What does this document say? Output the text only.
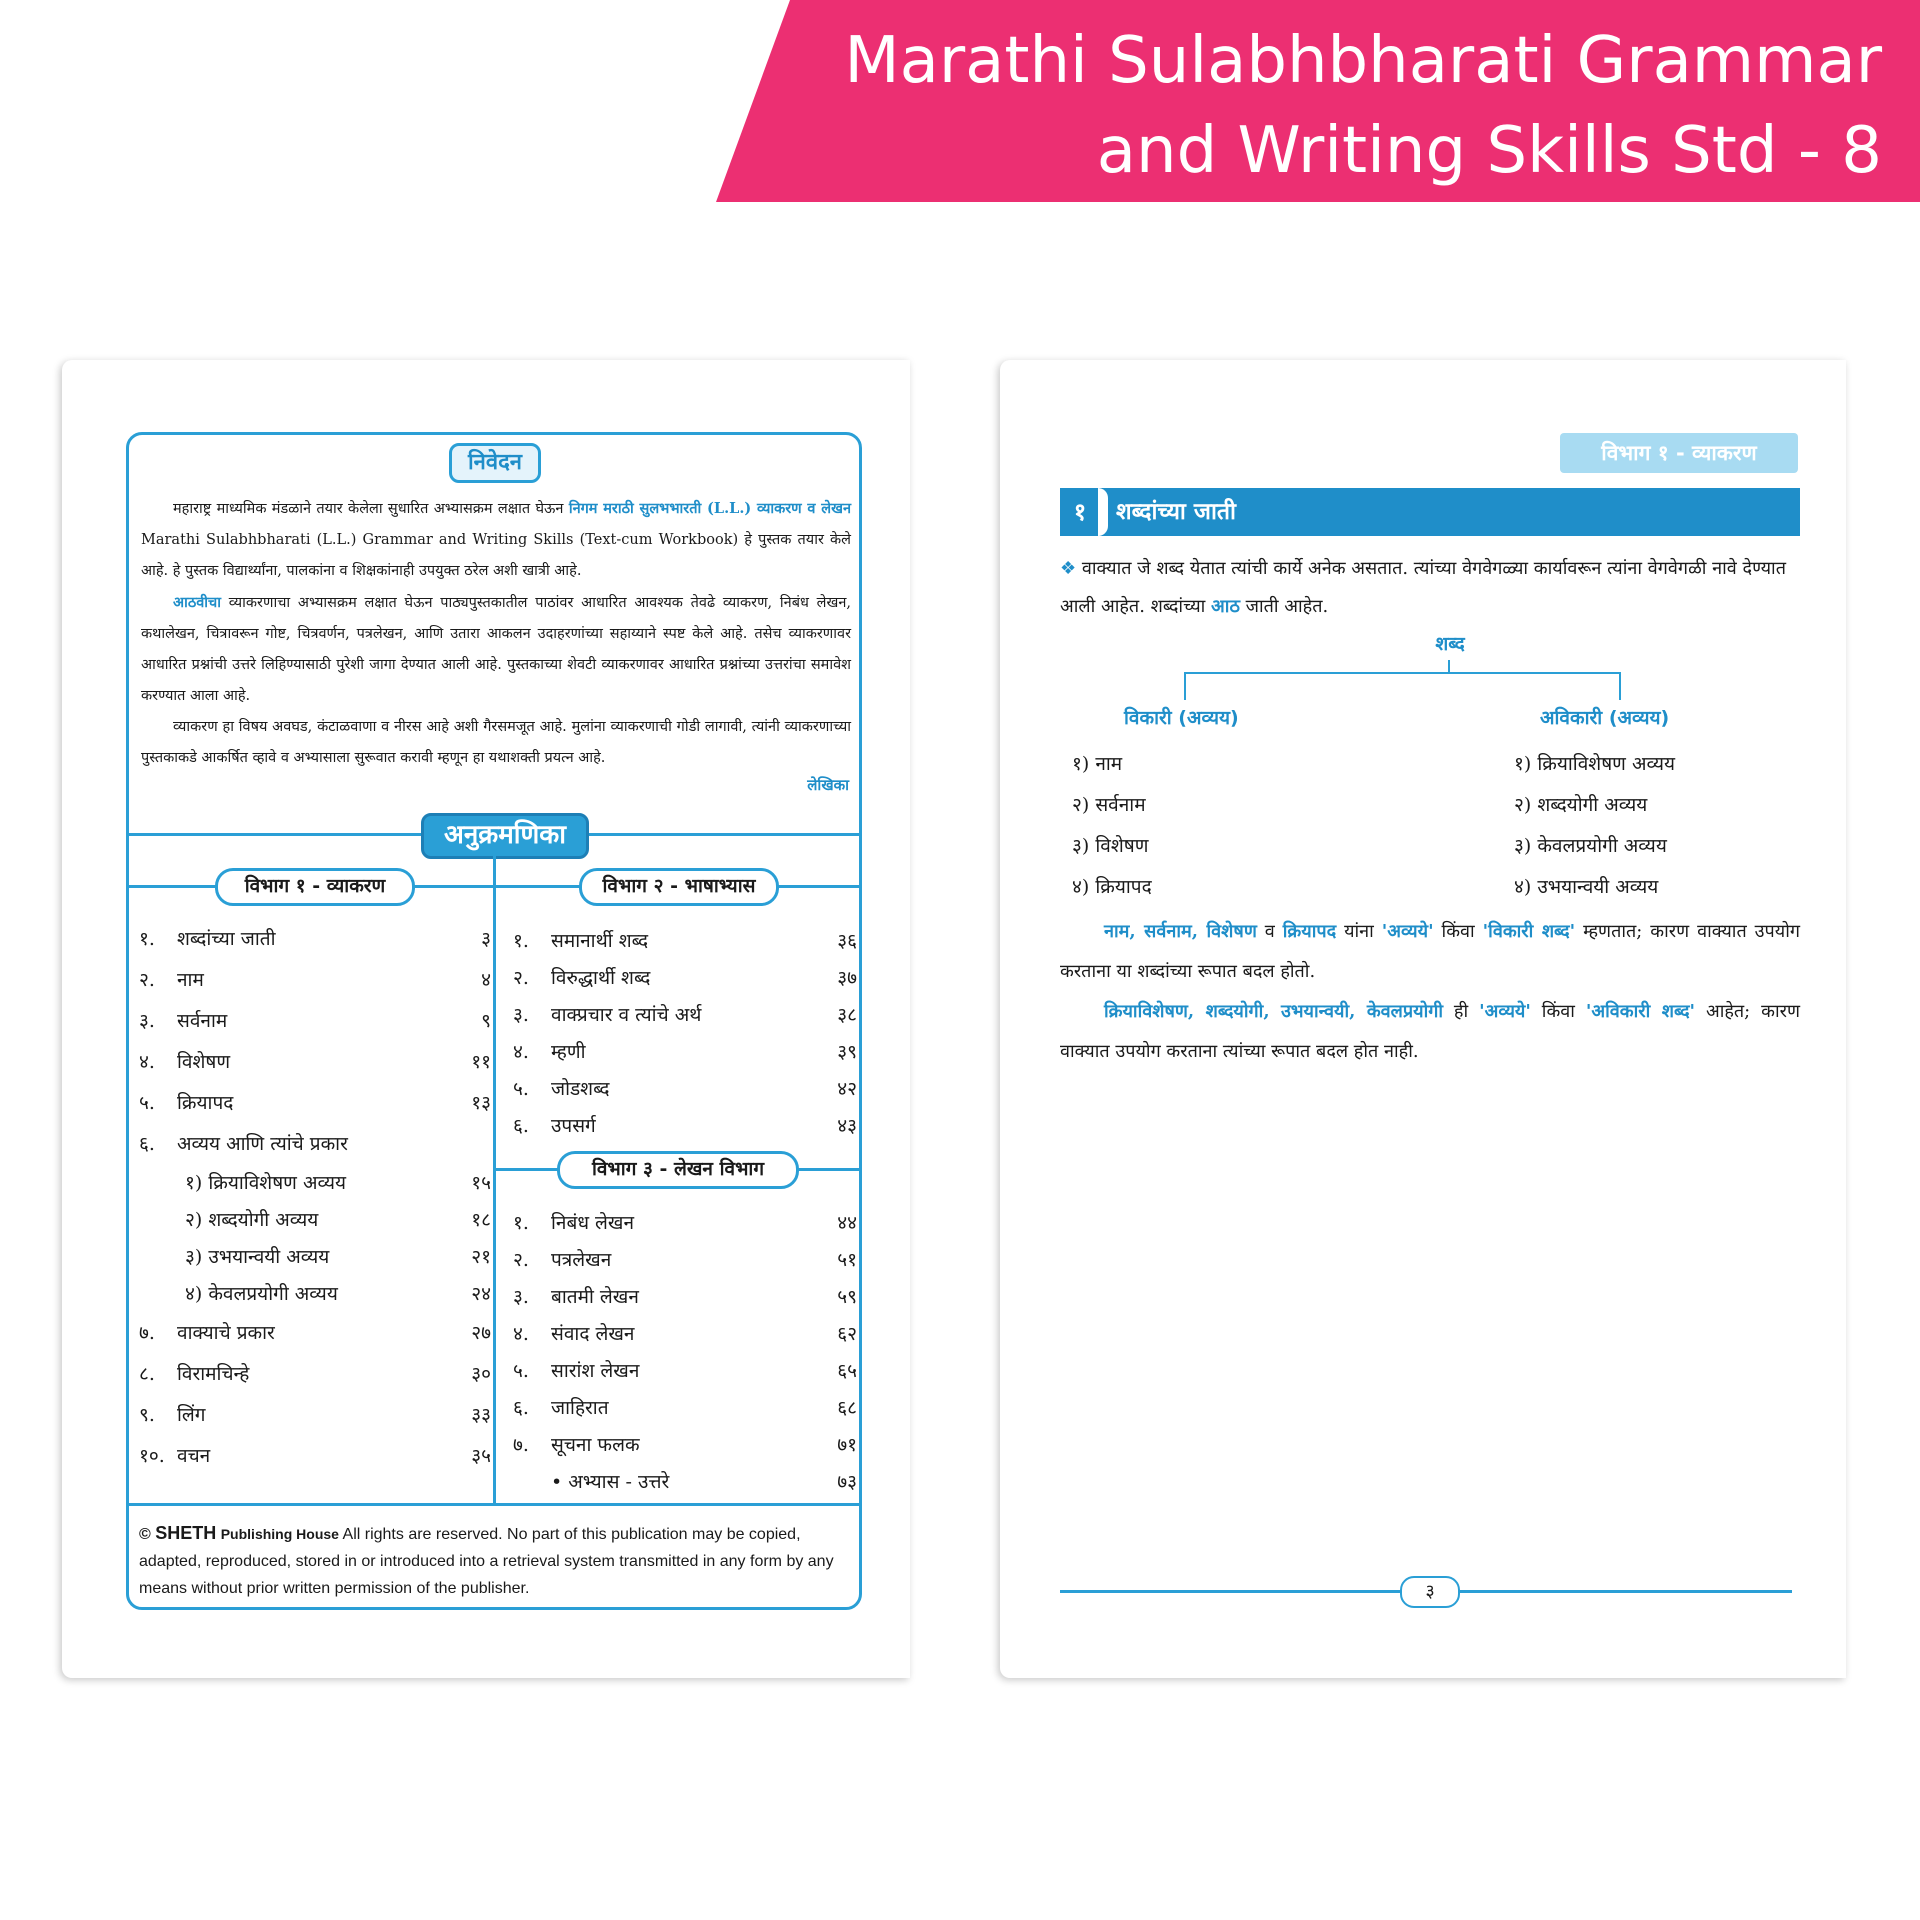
Marathi Sulabhbharati Grammar
and Writing Skills Std - 8
निवेदन

महाराष्ट्र माध्यमिक मंडळाने तयार केलेला सुधारित अभ्यासक्रम लक्षात घेऊन निगम मराठी सुलभभारती (L.L.) व्याकरण व लेखन Marathi Sulabhbharati (L.L.) Grammar and Writing Skills (Text-cum Workbook) हे पुस्तक तयार केले आहे. हे पुस्तक विद्यार्थ्यांना, पालकांना व शिक्षकांनाही उपयुक्त ठरेल अशी खात्री आहे.

आठवीचा व्याकरणाचा अभ्यासक्रम लक्षात घेऊन पाठ्यपुस्तकातील पाठांवर आधारित आवश्यक तेवढे व्याकरण, निबंध लेखन, कथालेखन, चित्रावरून गोष्ट, चित्रवर्णन, पत्रलेखन, आणि उतारा आकलन उदाहरणांच्या सहाय्याने स्पष्ट केले आहे. तसेच व्याकरणावर आधारित प्रश्नांची उत्तरे लिहिण्यासाठी पुरेशी जागा देण्यात आली आहे. पुस्तकाच्या शेवटी व्याकरणावर आधारित प्रश्नांच्या उत्तरांचा समावेश करण्यात आला आहे.

व्याकरण हा विषय अवघड, कंटाळवाणा व नीरस आहे अशी गैरसमजूत आहे. मुलांना व्याकरणाची गोडी लागावी, त्यांनी व्याकरणाच्या पुस्तकाकडे आकर्षित व्हावे व अभ्यासाला सुरूवात करावी म्हणून हा यथाशक्ती प्रयत्न आहे.

लेखिका
अनुक्रमणिका
विभाग १ - व्याकरण	विभाग २ - भाषाभ्यास
विभाग ३ - लेखन विभाग
१. शब्दांच्या जाती	३
२. नाम	४
३. सर्वनाम	९
४. विशेषण	११
५. क्रियापद	१३
६. अव्यय आणि त्यांचे प्रकार
१) क्रियाविशेषण अव्यय	१५
२) शब्दयोगी अव्यय	१८
३) उभयान्वयी अव्यय	२१
४) केवलप्रयोगी अव्यय	२४
७. वाक्याचे प्रकार	२७
८. विरामचिन्हे	३०
९. लिंग	३३
१०. वचन	३५
१. समानार्थी शब्द	३६
२. विरुद्धार्थी शब्द	३७
३. वाक्प्रचार व त्यांचे अर्थ	३८
४. म्हणी	३९
५. जोडशब्द	४२
६. उपसर्ग	४३
१. निबंध लेखन	४४
२. पत्रलेखन	५१
३. बातमी लेखन	५९
४. संवाद लेखन	६२
५. सारांश लेखन	६५
६. जाहिरात	६८
७. सूचना फलक	७१
• अभ्यास - उत्तरे	७३
© SHETH Publishing House All rights are reserved. No part of this publication may be copied, adapted, reproduced, stored in or introduced into a retrieval system transmitted in any form by any means without prior written permission of the publisher.
विभाग १ - व्याकरण
१	शब्दांच्या जाती
❖ वाक्यात जे शब्द येतात त्यांची कार्ये अनेक असतात. त्यांच्या वेगवेगळ्या कार्यावरून त्यांना वेगवेगळी नावे देण्यात आली आहेत. शब्दांच्या आठ जाती आहेत.
शब्द
विकारी (अव्यय)	अविकारी (अव्यय)
१) नाम
२) सर्वनाम
३) विशेषण
४) क्रियापद
१) क्रियाविशेषण अव्यय
२) शब्दयोगी अव्यय
३) केवलप्रयोगी अव्यय
४) उभयान्वयी अव्यय

नाम, सर्वनाम, विशेषण व क्रियापद यांना 'अव्यये' किंवा 'विकारी शब्द' म्हणतात; कारण वाक्यात उपयोग करताना या शब्दांच्या रूपात बदल होतो.

क्रियाविशेषण, शब्दयोगी, उभयान्वयी, केवलप्रयोगी ही 'अव्यये' किंवा 'अविकारी शब्द' आहेत; कारण वाक्यात उपयोग करताना त्यांच्या रूपात बदल होत नाही.

३
